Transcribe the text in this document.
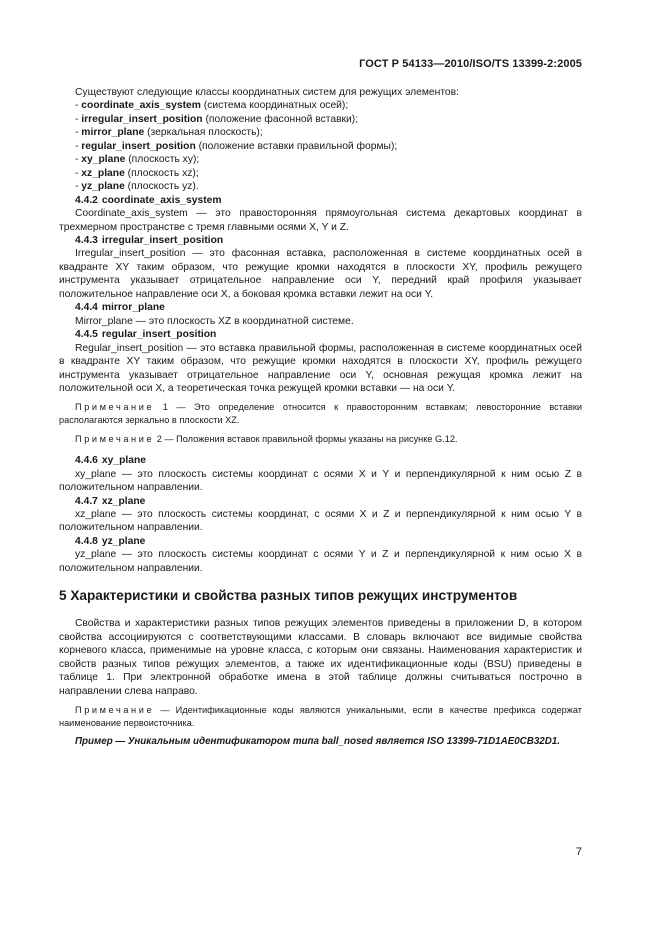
ГОСТ Р 54133—2010/ISO/TS 13399-2:2005

Существуют следующие классы координатных систем для режущих элементов:

- coordinate_axis_system (система координатных осей);

- irregular_insert_position (положение фасонной вставки);

- mirror_plane (зеркальная плоскость);

- regular_insert_position (положение вставки правильной формы);

- xy_plane (плоскость xy);

- xz_plane (плоскость xz);

- yz_plane (плоскость yz).

4.4.2 coordinate_axis_system

Coordinate_axis_system — это правосторонняя прямоугольная система декартовых координат в трехмерном пространстве с тремя главными осями X, Y и Z.

4.4.3 irregular_insert_position

Irregular_insert_position — это фасонная вставка, расположенная в системе координатных осей в квадранте XY таким образом, что режущие кромки находятся в плоскости XY, профиль режущего инструмента указывает отрицательное направление оси Y, передний край профиля указывает положительное направление оси X, а боковая кромка вставки лежит на оси Y.

4.4.4 mirror_plane

Mirror_plane — это плоскость XZ в координатной системе.

4.4.5 regular_insert_position

Regular_insert_position — это вставка правильной формы, расположенная в системе координатных осей в квадранте XY таким образом, что режущие кромки находятся в плоскости XY, профиль режущего инструмента указывает отрицательное направление оси Y, основная режущая кромка лежит на положительной оси X, а теоретическая точка режущей кромки вставки — на оси Y.

Примечание 1 — Это определение относится к правосторонним вставкам; левосторонние вставки располагаются зеркально в плоскости XZ.

Примечание 2 — Положения вставок правильной формы указаны на рисунке G.12.

4.4.6 xy_plane

xy_plane — это плоскость системы координат с осями X и Y и перпендикулярной к ним осью Z в положительном направлении.

4.4.7 xz_plane

xz_plane — это плоскость системы координат, с осями X и Z и перпендикулярной к ним осью Y в положительном направлении.

4.4.8 yz_plane

yz_plane — это плоскость системы координат с осями Y и Z и перпендикулярной к ним осью X в положительном направлении.

5 Характеристики и свойства разных типов режущих инструментов

Свойства и характеристики разных типов режущих элементов приведены в приложении D, в котором свойства ассоциируются с соответствующими классами. В словарь включают все видимые свойства корневого класса, применимые на уровне класса, с которым они связаны. Наименования характеристик и свойств разных типов режущих элементов, а также их идентификационные коды (BSU) приведены в таблице 1. При электронной обработке имена в этой таблице должны считываться построчно в направлении слева направо.

Примечание — Идентификационные коды являются уникальными, если в качестве префикса содержат наименование первоисточника.

Пример — Уникальным идентификатором типа ball_nosed является ISO 13399-71D1AE0CB32D1.

7
